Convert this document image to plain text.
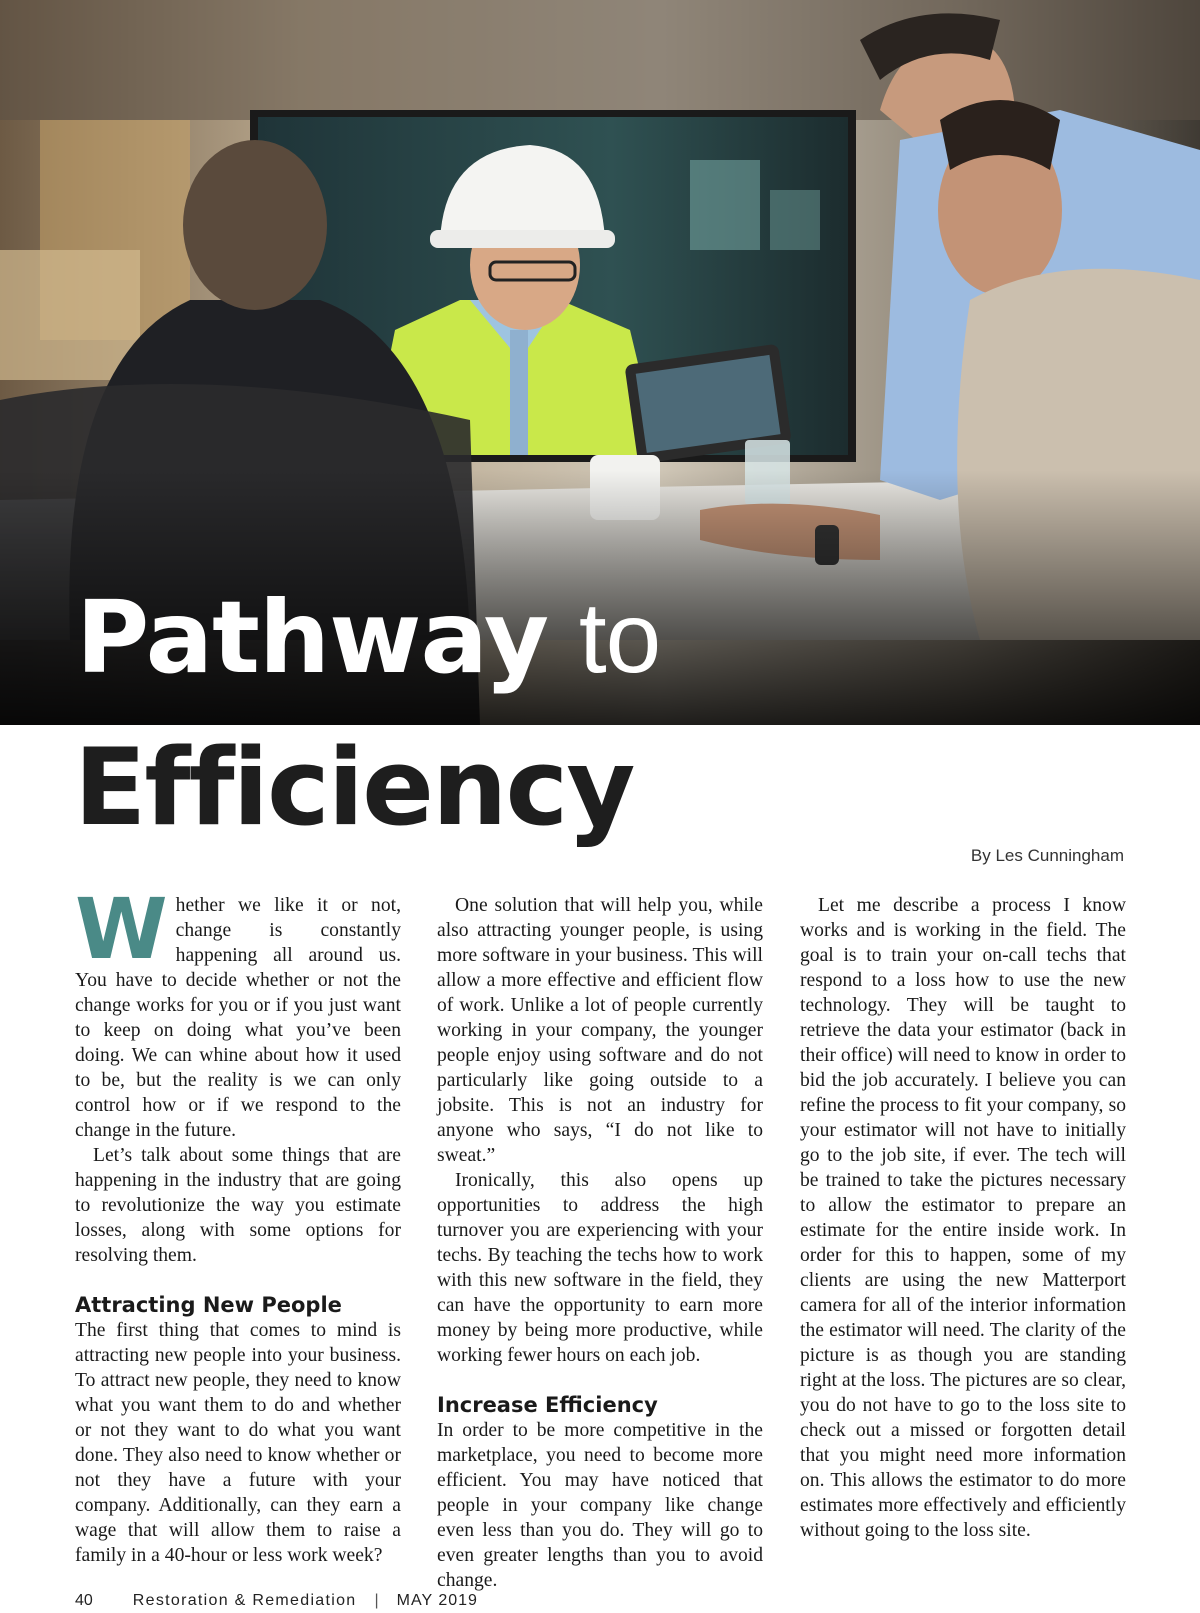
Pathway to
Efficiency
By Les Cunningham

Whether we like it or not, change is constantly happening all around us. You have to decide whether or not the change works for you or if you just want to keep on doing what you’ve been doing. We can whine about how it used to be, but the reality is we can only control how or if we respond to the change in the future.

Let’s talk about some things that are happening in the industry that are going to revolutionize the way you estimate losses, along with some options for resolving them.

Attracting New People

The first thing that comes to mind is attracting new people into your business. To attract new people, they need to know what you want them to do and whether or not they want to do what you want done. They also need to know whether or not they have a future with your company. Additionally, can they earn a wage that will allow them to raise a family in a 40-hour or less work week?

One solution that will help you, while also attracting younger people, is using more software in your business. This will allow a more effective and efficient flow of work. Unlike a lot of people currently working in your company, the younger people enjoy using software and do not particularly like going outside to a jobsite. This is not an industry for anyone who says, “I do not like to sweat.”

Ironically, this also opens up opportunities to address the high turnover you are experiencing with your techs. By teaching the techs how to work with this new software in the field, they can have the opportunity to earn more money by being more productive, while working fewer hours on each job.

Increase Efficiency

In order to be more competitive in the marketplace, you need to become more efficient. You may have noticed that people in your company like change even less than you do. They will go to even greater lengths than you to avoid change.

Let me describe a process I know works and is working in the field. The goal is to train your on-call techs that respond to a loss how to use the new technology. They will be taught to retrieve the data your estimator (back in their office) will need to know in order to bid the job accurately. I believe you can refine the process to fit your company, so your estimator will not have to initially go to the job site, if ever. The tech will be trained to take the pictures necessary to allow the estimator to prepare an estimate for the entire inside work. In order for this to happen, some of my clients are using the new Matterport camera for all of the interior information the estimator will need. The clarity of the picture is as though you are standing right at the loss. The pictures are so clear, you do not have to go to the loss site to check out a missed or forgotten detail that you might need more information on. This allows the estimator to do more estimates more effectively and efficiently without going to the loss site.

40	Restoration & Remediation | MAY 2019
